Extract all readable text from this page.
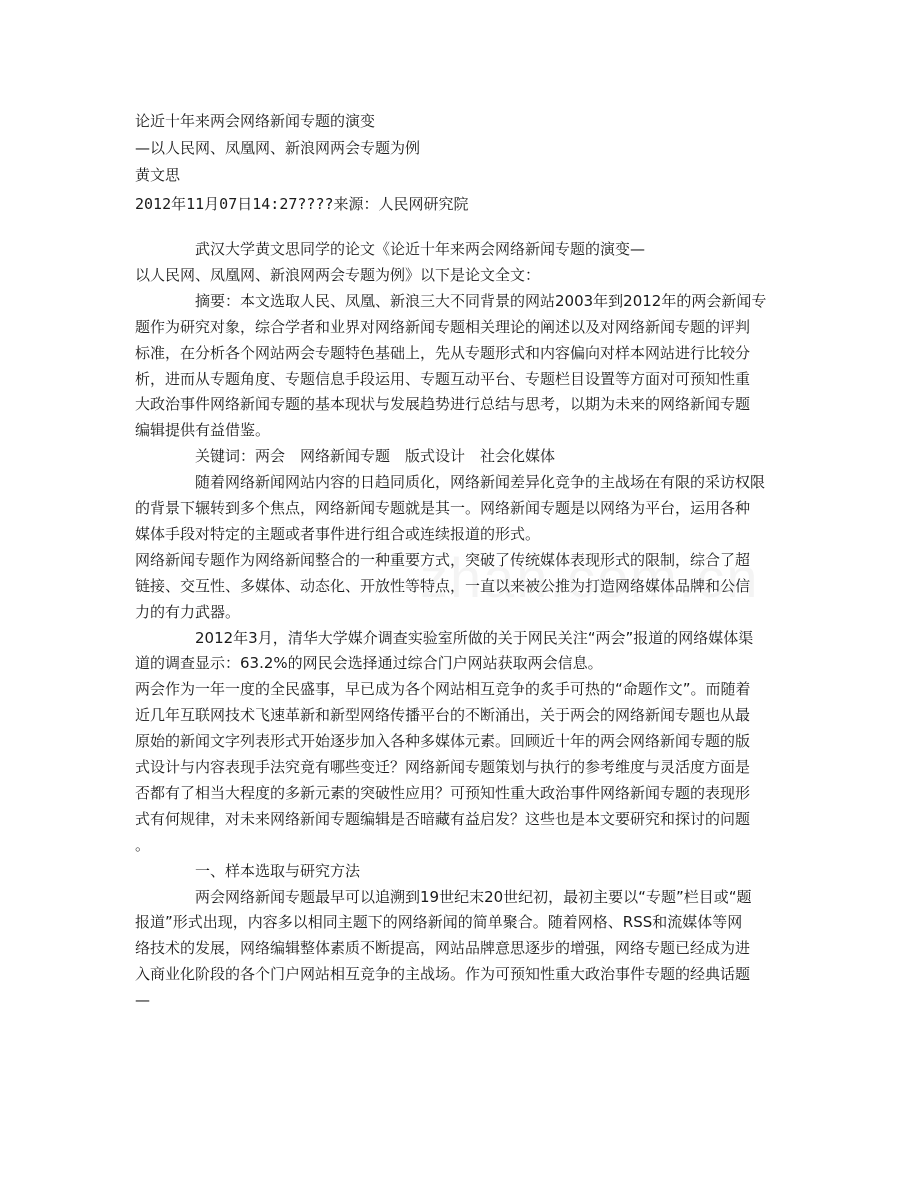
论近十年来两会网络新闻专题的演变
—以人民网、凤凰网、新浪网两会专题为例
黄文思
2012年11月07日14:27????来源：人民网研究院
　　　　武汉大学黄文思同学的论文《论近十年来两会网络新闻专题的演变—
以人民网、凤凰网、新浪网两会专题为例》以下是论文全文：
　　　　摘要：本文选取人民、凤凰、新浪三大不同背景的网站2003年到2012年的两会新闻专
题作为研究对象，综合学者和业界对网络新闻专题相关理论的阐述以及对网络新闻专题的评判
标准，在分析各个网站两会专题特色基础上，先从专题形式和内容偏向对样本网站进行比较分
析，进而从专题角度、专题信息手段运用、专题互动平台、专题栏目设置等方面对可预知性重
大政治事件网络新闻专题的基本现状与发展趋势进行总结与思考，以期为未来的网络新闻专题
编辑提供有益借鉴。
　　　　关键词：两会　网络新闻专题　版式设计　社会化媒体
　　　　随着网络新闻网站内容的日趋同质化，网络新闻差异化竞争的主战场在有限的采访权限
的背景下辗转到多个焦点，网络新闻专题就是其一。网络新闻专题是以网络为平台，运用各种
媒体手段对特定的主题或者事件进行组合或连续报道的形式。
网络新闻专题作为网络新闻整合的一种重要方式，突破了传统媒体表现形式的限制，综合了超
链接、交互性、多媒体、动态化、开放性等特点，一直以来被公推为打造网络媒体品牌和公信
力的有力武器。
　　　　2012年3月，清华大学媒介调查实验室所做的关于网民关注“两会”报道的网络媒体渠
道的调查显示：63.2%的网民会选择通过综合门户网站获取两会信息。
两会作为一年一度的全民盛事，早已成为各个网站相互竞争的炙手可热的“命题作文”。而随着
近几年互联网技术飞速革新和新型网络传播平台的不断涌出，关于两会的网络新闻专题也从最
原始的新闻文字列表形式开始逐步加入各种多媒体元素。回顾近十年的两会网络新闻专题的版
式设计与内容表现手法究竟有哪些变迁？网络新闻专题策划与执行的参考维度与灵活度方面是
否都有了相当大程度的多新元素的突破性应用？可预知性重大政治事件网络新闻专题的表现形
式有何规律，对未来网络新闻专题编辑是否暗藏有益启发？这些也是本文要研究和探讨的问题
。
　　　　一、样本选取与研究方法
　　　　两会网络新闻专题最早可以追溯到19世纪末20世纪初，最初主要以“专题”栏目或“题
报道”形式出现，内容多以相同主题下的网络新闻的简单聚合。随着网格、RSS和流媒体等网
络技术的发展，网络编辑整体素质不断提高，网站品牌意思逐步的增强，网络专题已经成为进
入商业化阶段的各个门户网站相互竞争的主战场。作为可预知性重大政治事件专题的经典话题
—
